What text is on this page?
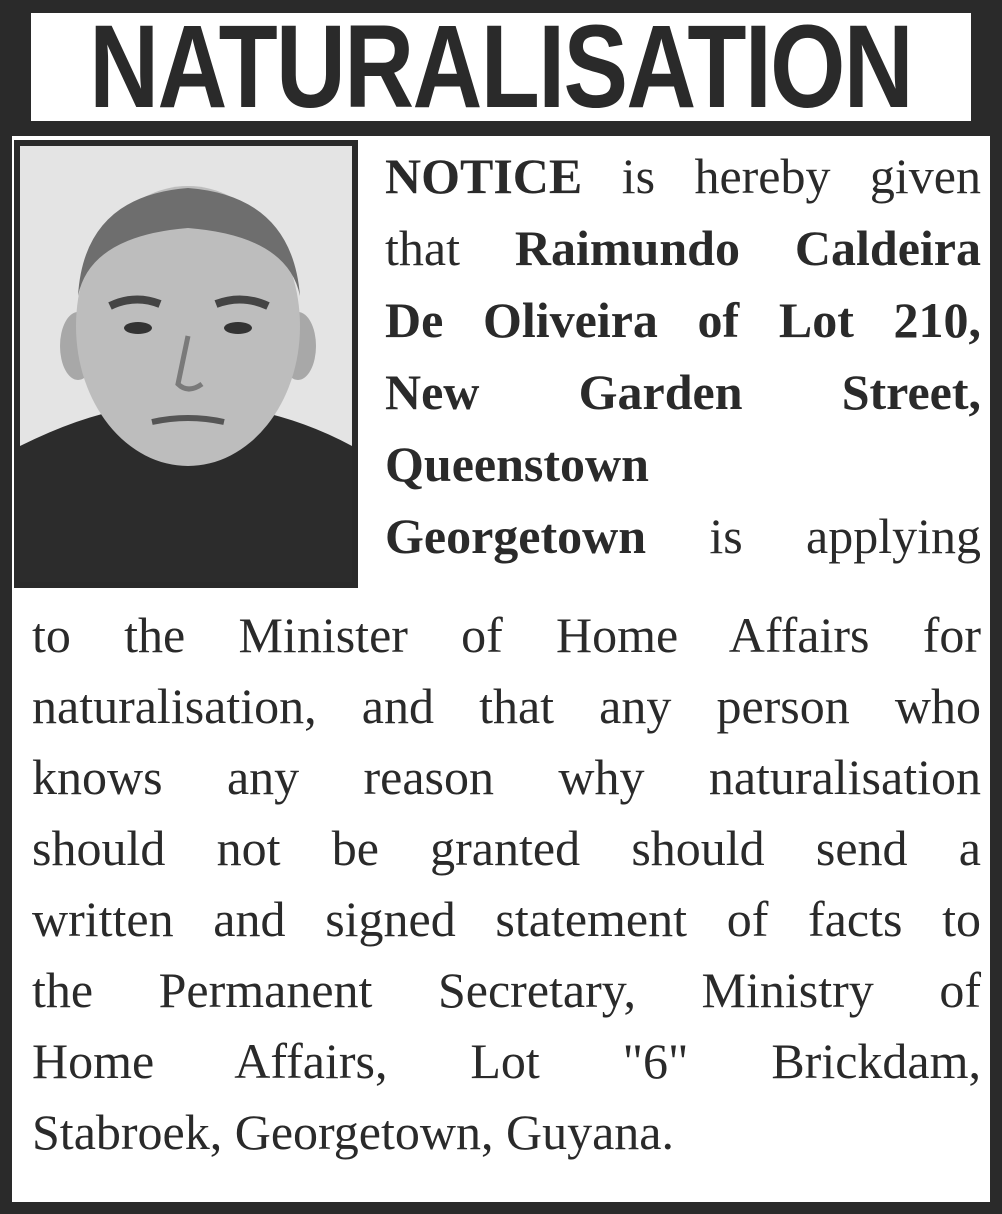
NATURALISATION
NOTICE is hereby given
that Raimundo Caldeira
De Oliveira of Lot 210,
New Garden Street,
Queenstown
Georgetown is applying
to the Minister of Home Affairs for
naturalisation, and that any person who
knows any reason why naturalisation
should not be granted should send a
written and signed statement of facts to
the Permanent Secretary, Ministry of
Home Affairs, Lot "6" Brickdam,
Stabroek, Georgetown, Guyana.
